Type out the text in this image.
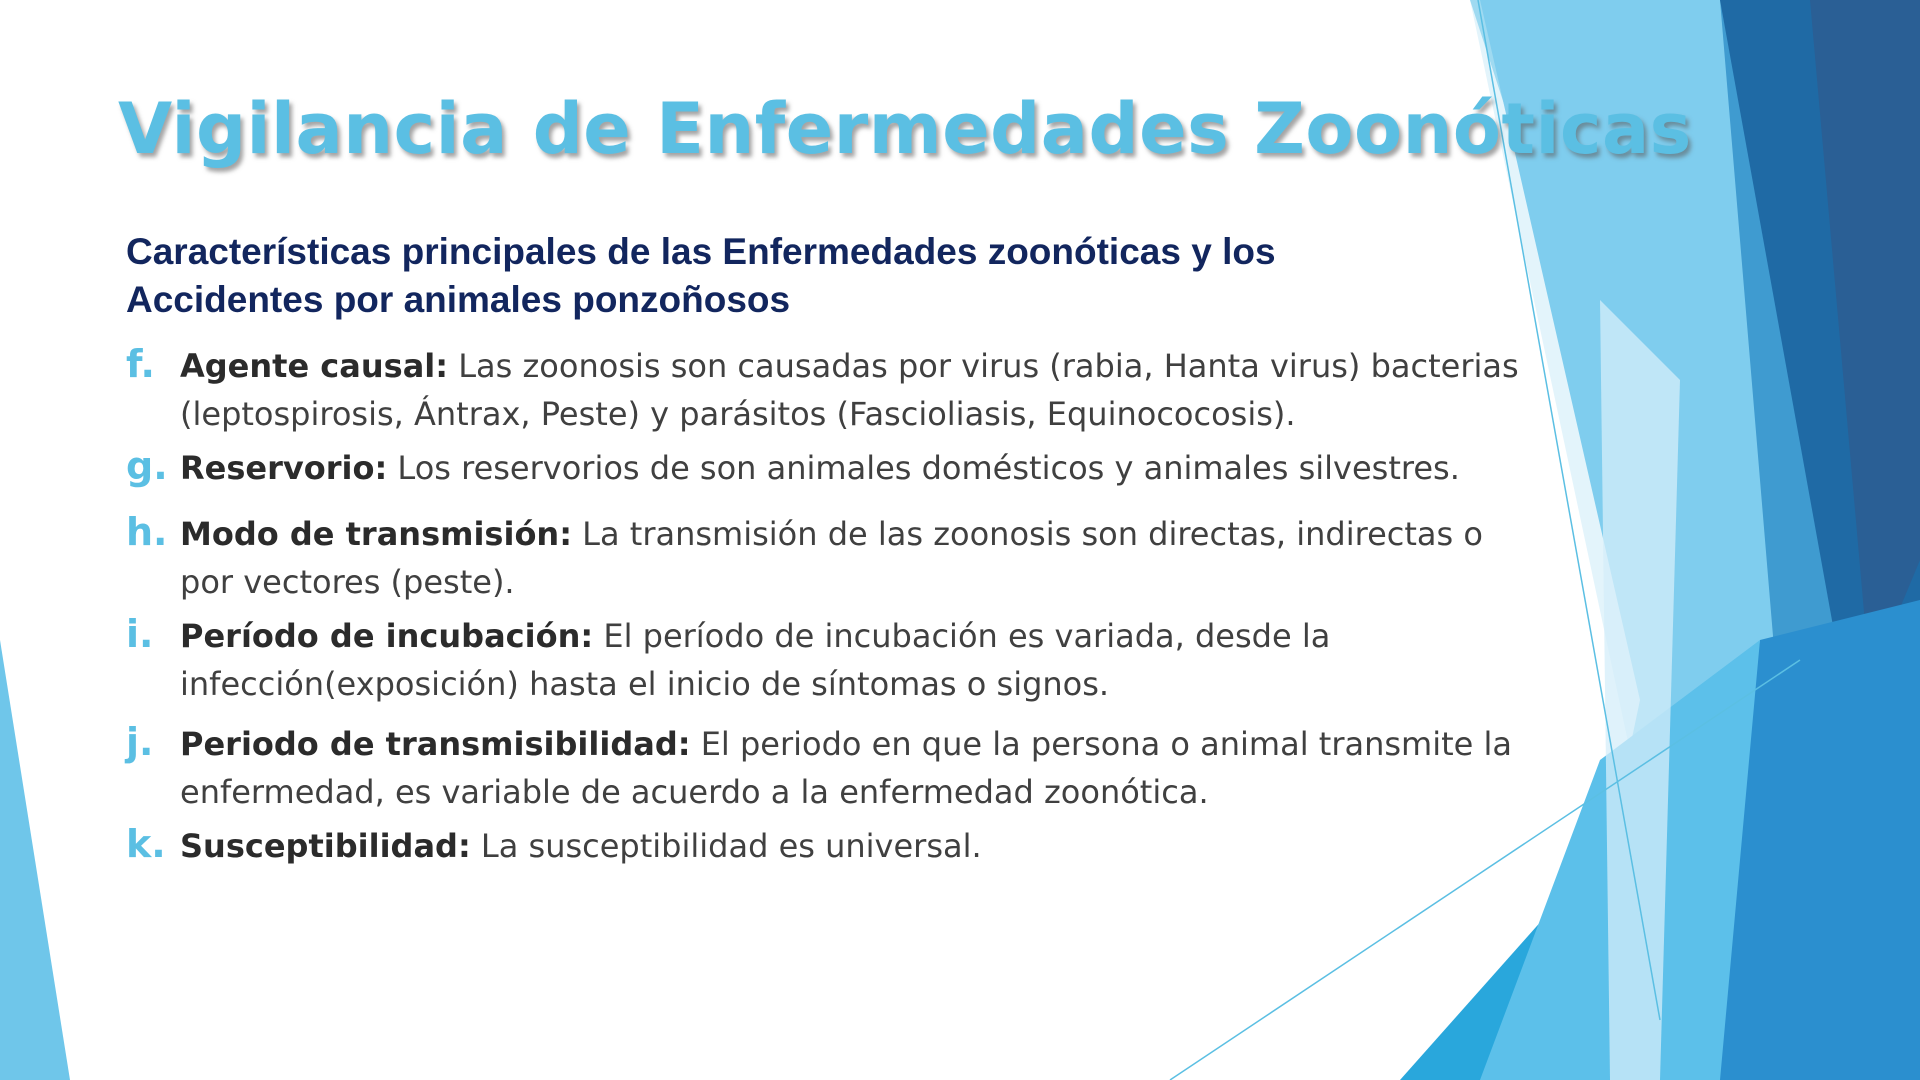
Vigilancia de Enfermedades Zoonóticas
Características principales de las Enfermedades zoonóticas y los Accidentes por animales ponzoñosos
f. Agente causal: Las zoonosis son causadas por virus (rabia, Hanta virus) bacterias (leptospirosis, Ántrax, Peste) y parásitos (Fascioliasis, Equinococosis).
g. Reservorio: Los reservorios de son animales domésticos y animales silvestres.
h. Modo de transmisión: La transmisión de las zoonosis son directas, indirectas o por vectores (peste).
i. Período de incubación: El período de incubación es variada, desde la infección(exposición) hasta el inicio de síntomas o signos.
j. Periodo de transmisibilidad: El periodo en que la persona o animal transmite la enfermedad, es variable de acuerdo a la enfermedad zoonótica.
k. Susceptibilidad: La susceptibilidad es universal.
